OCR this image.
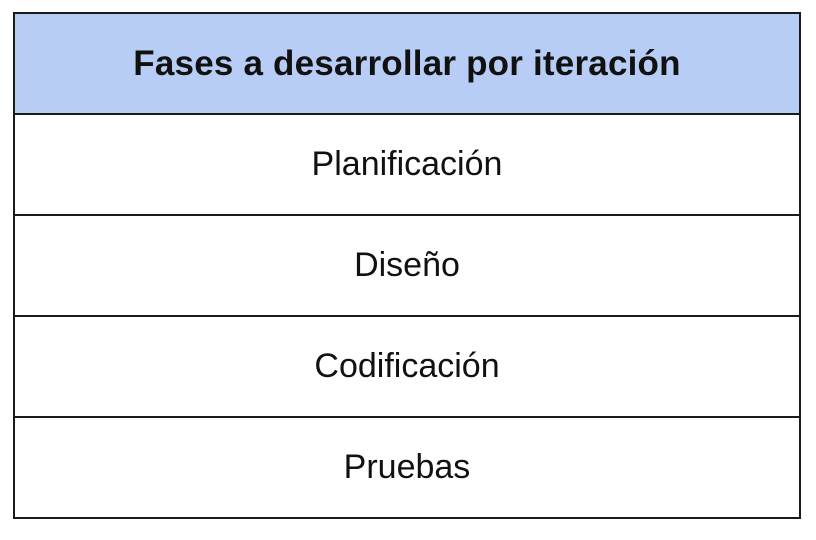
Fases a desarrollar por iteración
Planificación
Diseño
Codificación
Pruebas
